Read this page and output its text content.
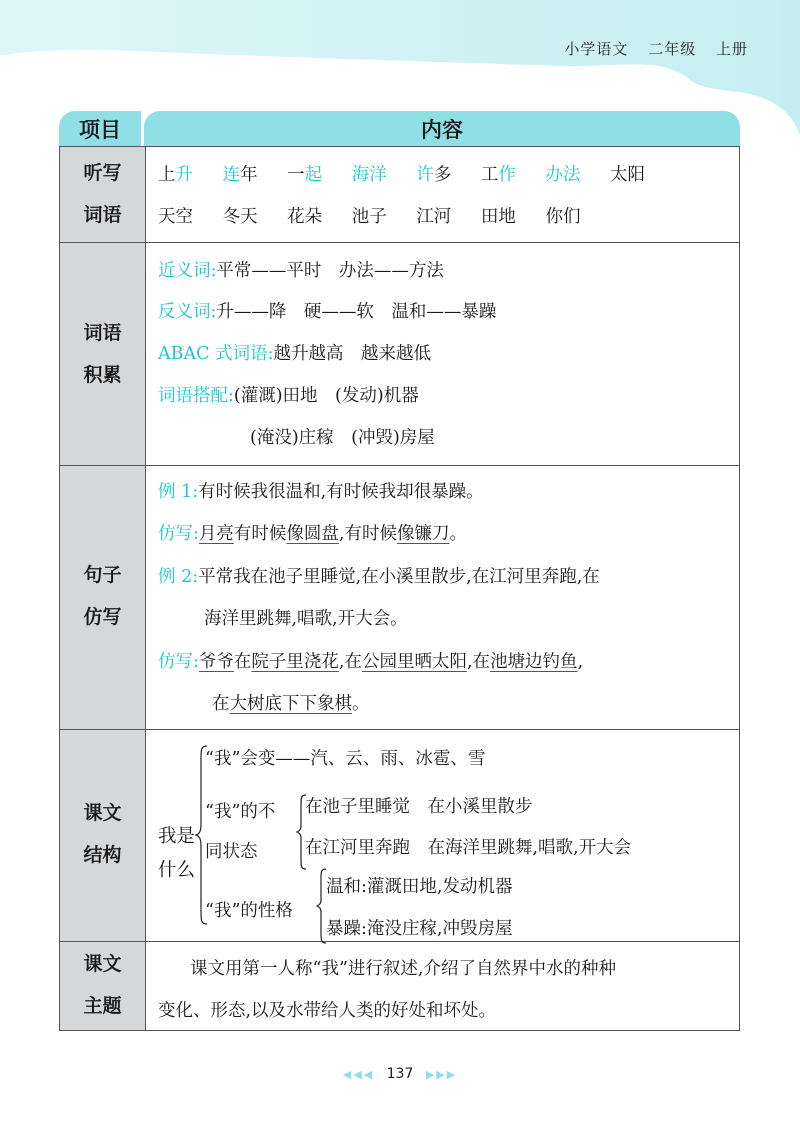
小学语文 二年级 上册
项目	内容
听写
词语
词语
积累
句子
仿写
课文
结构
课文
主题
上升 连年 一起 海洋 许多 工作 办法 太阳
天空 冬天 花朵 池子 江河 田地 你们
近义词:平常——平时　办法——方法
反义词:升——降　硬——软　温和——暴躁
ABAC 式词语:越升越高　越来越低
词语搭配:(灌溉)田地　(发动)机器
(淹没)庄稼　(冲毁)房屋
例 1:有时候我很温和,有时候我却很暴躁。
仿写:月亮有时候像圆盘,有时候像镰刀。
例 2:平常我在池子里睡觉,在小溪里散步,在江河里奔跑,在
海洋里跳舞,唱歌,开大会。
仿写:爷爷在院子里浇花,在公园里晒太阳,在池塘边钓鱼,
在大树底下下象棋。
我是
什么
“我”会变——汽、云、雨、冰雹、雪
“我”的不
同状态
在池子里睡觉　在小溪里散步
在江河里奔跑　在海洋里跳舞,唱歌,开大会
“我”的性格
温和:灌溉田地,发动机器
暴躁:淹没庄稼,冲毁房屋
课文用第一人称“我”进行叙述,介绍了自然界中水的种种
变化、形态,以及水带给人类的好处和坏处。
◀◀◀ 137 ▶▶▶
